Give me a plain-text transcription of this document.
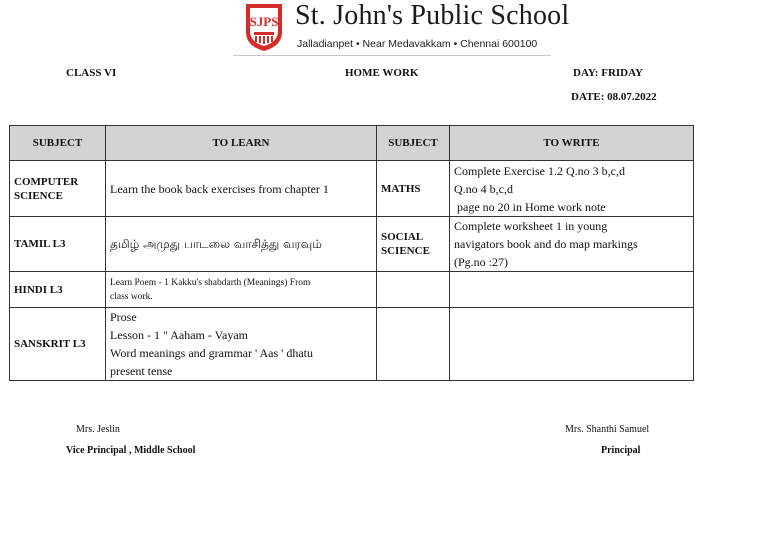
SJPS St. John's Public School
Jalladianpet • Near Medavakkam • Chennai 600100
CLASS VI	HOME WORK	DAY: FRIDAY
DATE: 08.07.2022
SUBJECT	TO LEARN	SUBJECT	TO WRITE
COMPUTER SCIENCE	Learn the book back exercises from chapter 1	MATHS	Complete Exercise 1.2 Q.no 3 b,c,d
Q.no 4 b,c,d
page no 20 in Home work note

TAMIL L3	தமிழ் அமுது பாடலை வாசித்து வரவும்	SOCIAL SCIENCE	Complete worksheet 1 in young
navigators book and do map markings
(Pg.no :27)

HINDI L3	Learn Poem - 1 Kakku's shabdarth (Meanings) From
class work.		

SANSKRIT L3	Prose
Lesson - 1 " Aaham - Vayam
Word meanings and grammar ' Aas ' dhatu
present tense		

Mrs. Jeslin
Vice Principal , Middle School
Mrs. Shanthi Samuel
Principal
